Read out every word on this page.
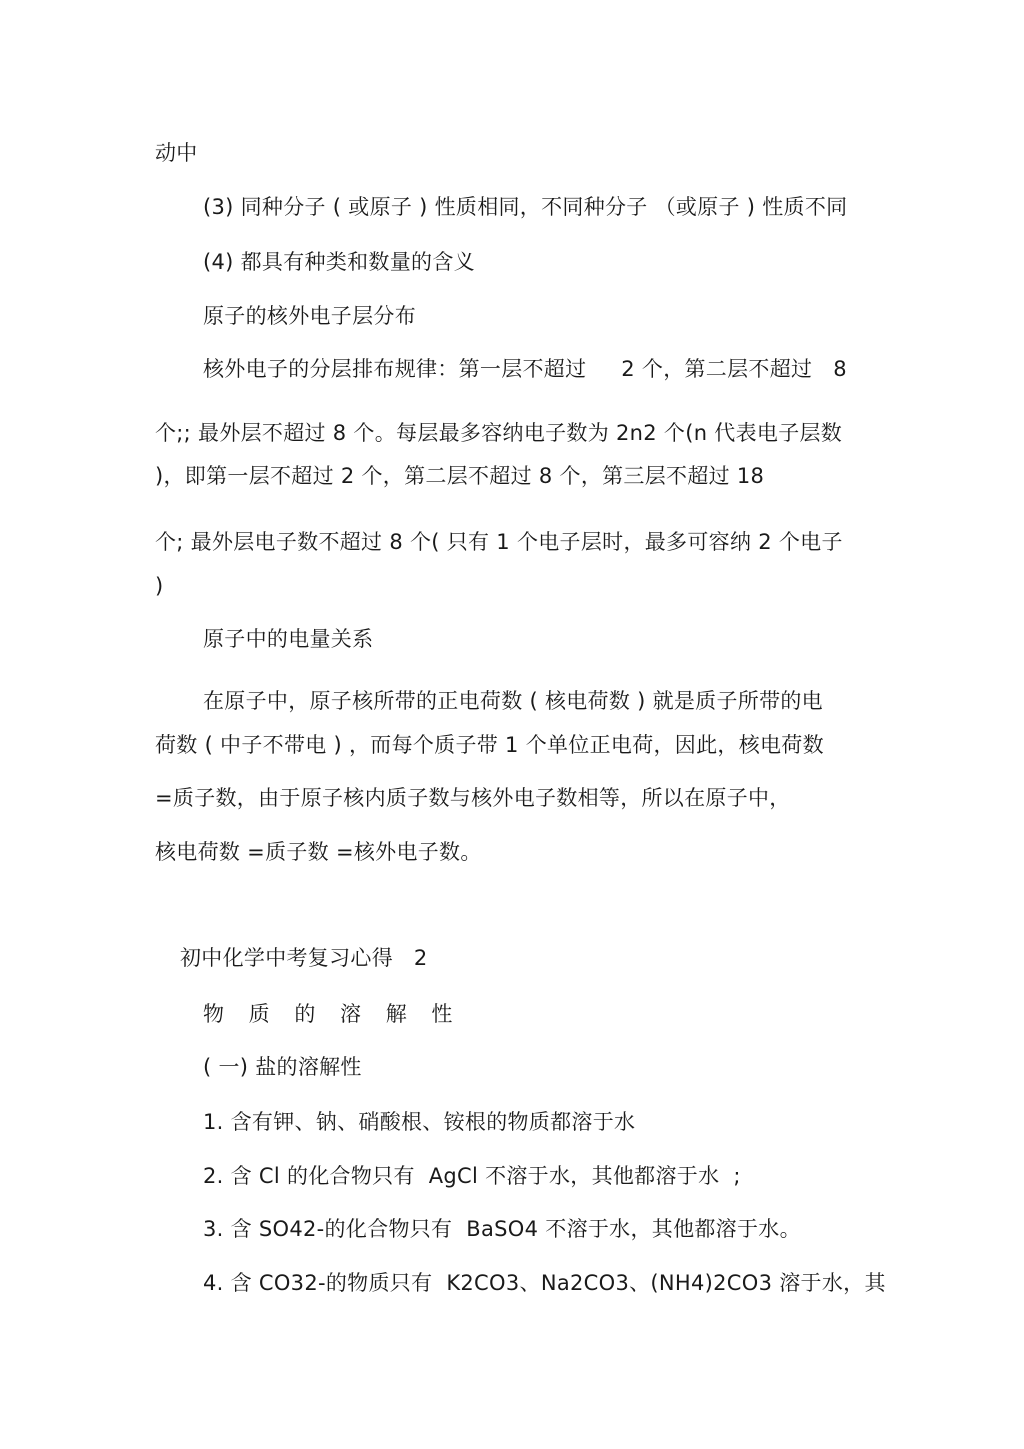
动中
(3) 同种分子 ( 或原子 ) 性质相同，不同种分子 （或原子 ) 性质不同
(4) 都具有种类和数量的含义
原子的核外电子层分布
核外电子的分层排布规律：第一层不超过     2 个，第二层不超过   8
个;; 最外层不超过 8 个。每层最多容纳电子数为 2n2 个(n 代表电子层数
)，即第一层不超过 2 个，第二层不超过 8 个，第三层不超过 18
个; 最外层电子数不超过 8 个( 只有 1 个电子层时，最多可容纳 2 个电子
)
原子中的电量关系
在原子中，原子核所带的正电荷数 ( 核电荷数 ) 就是质子所带的电
荷数 ( 中子不带电 ) ，而每个质子带 1 个单位正电荷，因此，核电荷数
=质子数，由于原子核内质子数与核外电子数相等，所以在原子中，
核电荷数 =质子数 =核外电子数。
初中化学中考复习心得   2
物 质 的 溶 解 性
( 一) 盐的溶解性
1. 含有钾、钠、硝酸根、铵根的物质都溶于水
2. 含 Cl 的化合物只有  AgCl 不溶于水，其他都溶于水  ;
3. 含 SO42-的化合物只有  BaSO4 不溶于水，其他都溶于水。
4. 含 CO32-的物质只有  K2CO3、Na2CO3、(NH4)2CO3 溶于水，其
